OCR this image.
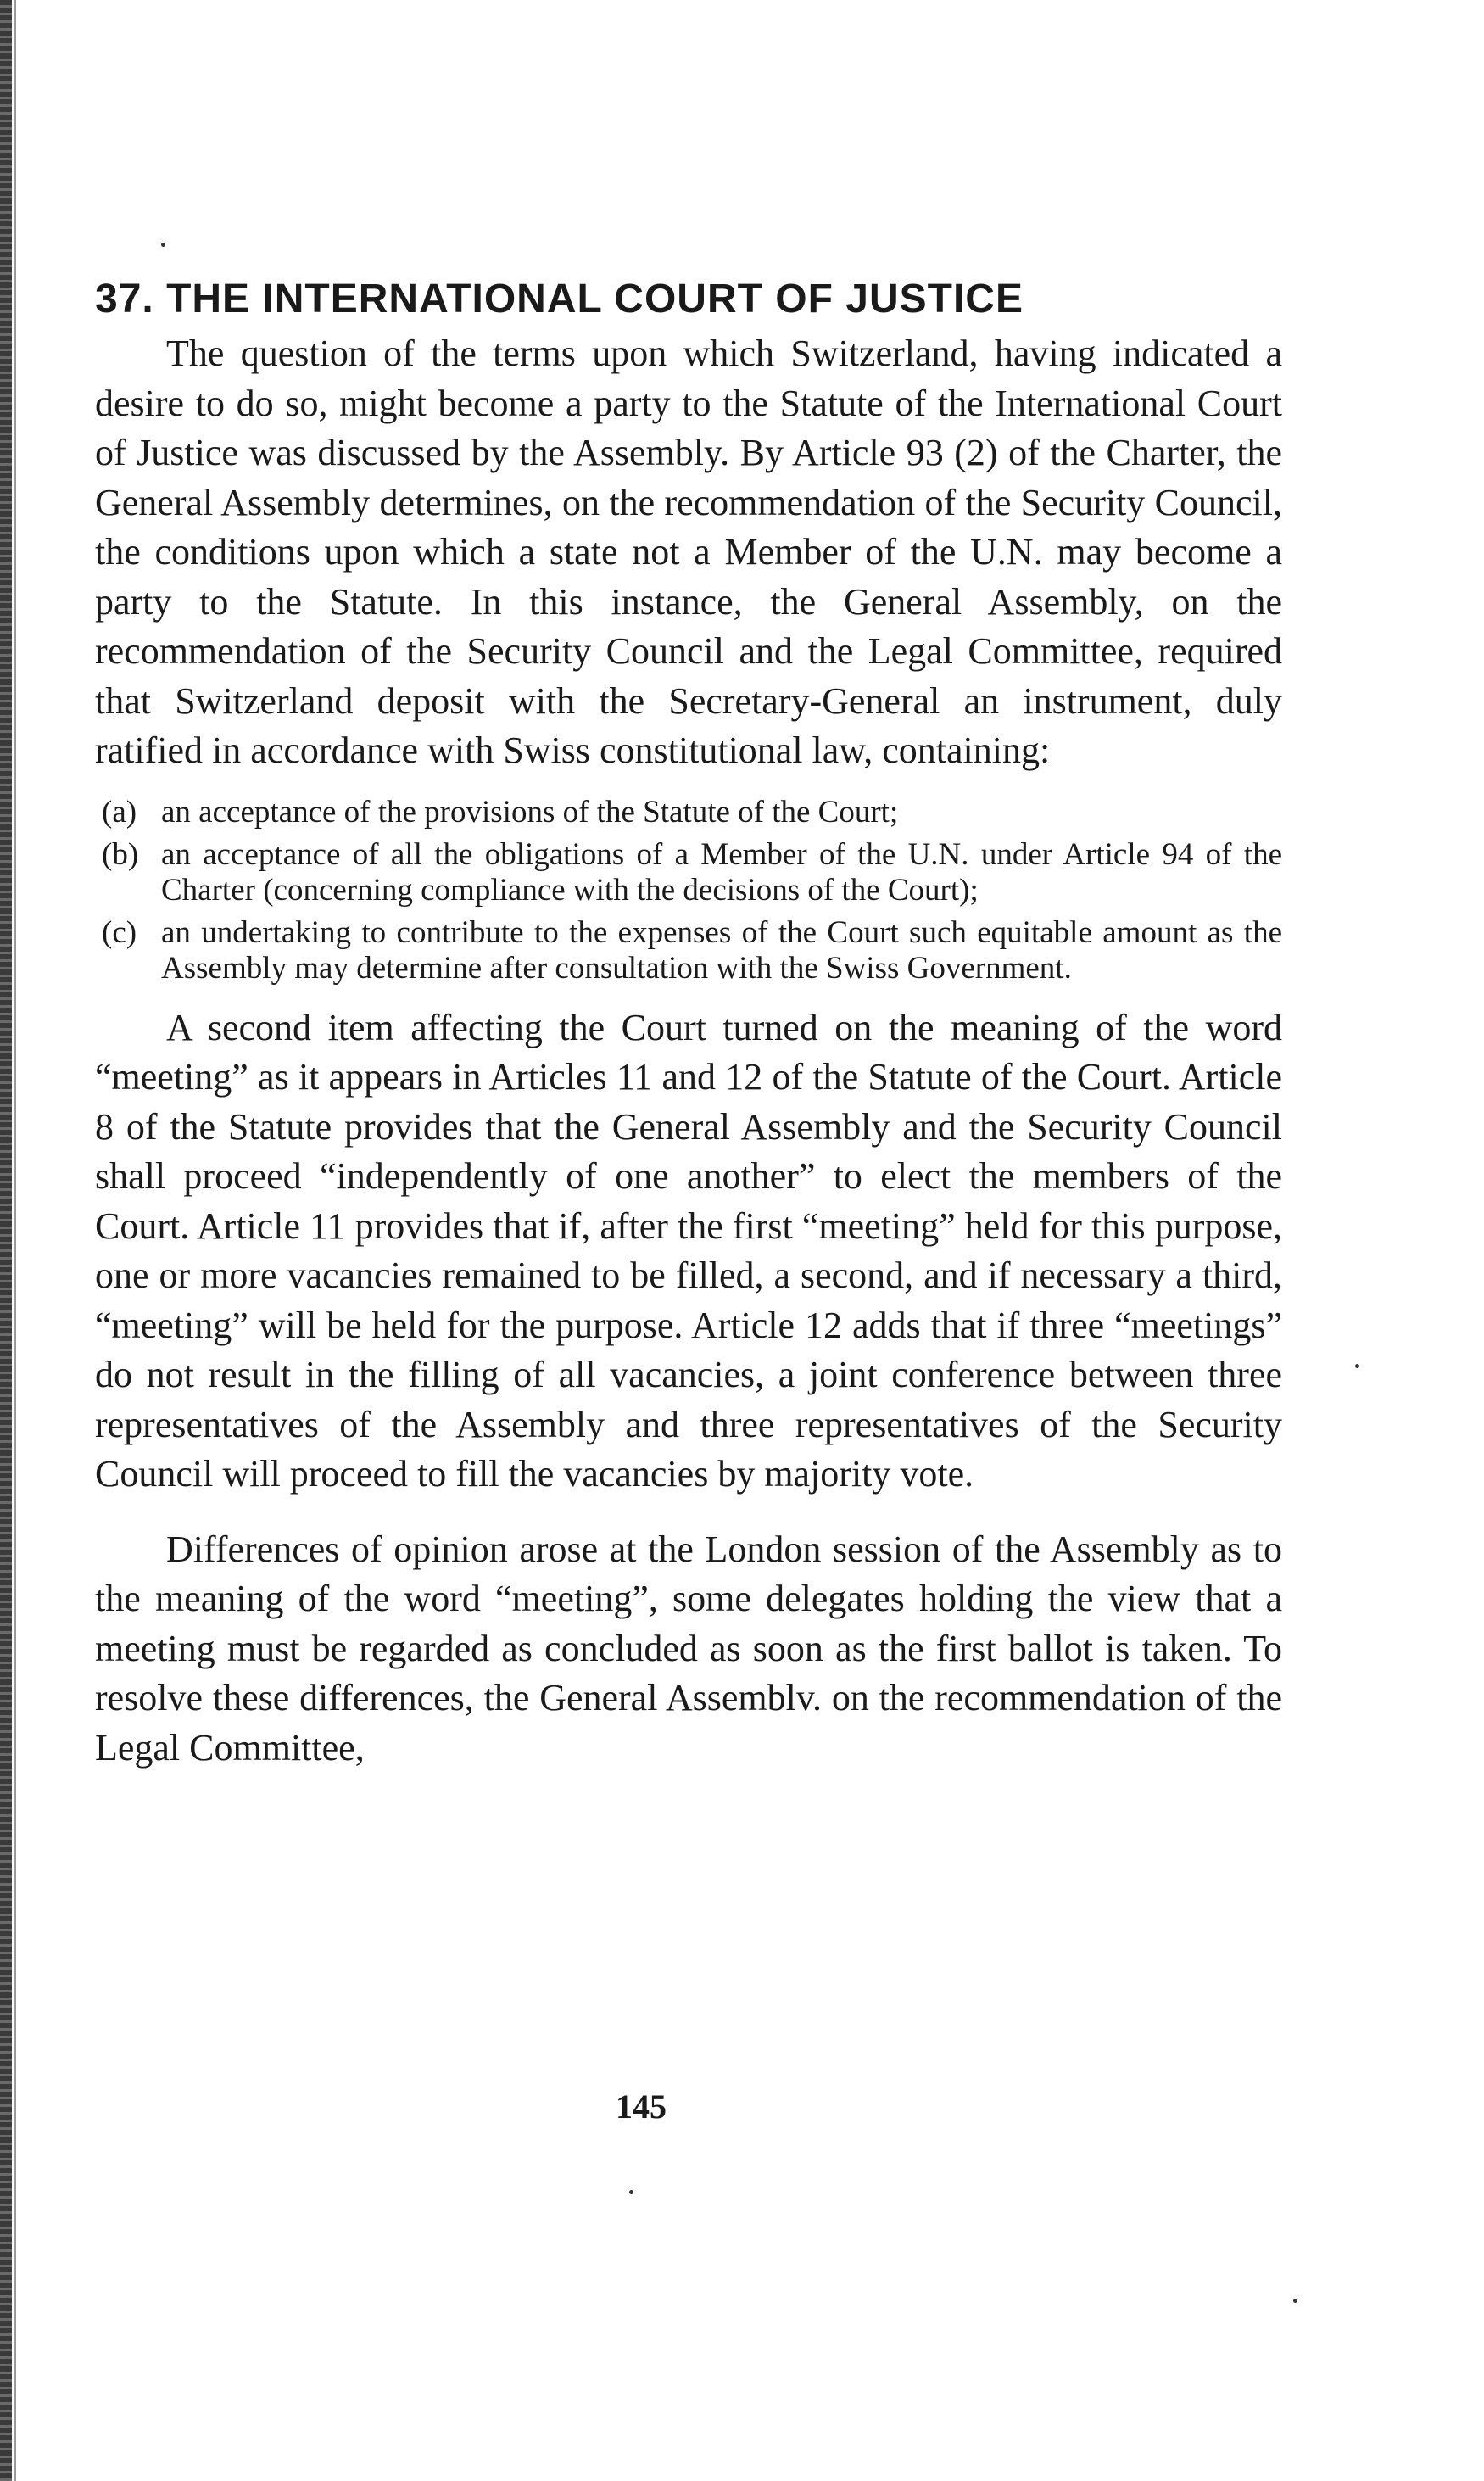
37. THE INTERNATIONAL COURT OF JUSTICE

The question of the terms upon which Switzerland, having indicated a desire to do so, might become a party to the Statute of the International Court of Justice was discussed by the Assembly. By Article 93 (2) of the Charter, the General Assembly determines, on the recommendation of the Security Council, the conditions upon which a state not a Member of the U.N. may become a party to the Statute. In this instance, the General Assembly, on the recommendation of the Security Council and the Legal Committee, required that Switzerland deposit with the Secretary-General an instrument, duly ratified in accordance with Swiss constitutional law, containing:

(a) an acceptance of the provisions of the Statute of the Court;
(b) an acceptance of all the obligations of a Member of the U.N. under Article 94 of the Charter (concerning compliance with the decisions of the Court);
(c) an undertaking to contribute to the expenses of the Court such equitable amount as the Assembly may determine after consultation with the Swiss Government.

A second item affecting the Court turned on the meaning of the word “meeting” as it appears in Articles 11 and 12 of the Statute of the Court. Article 8 of the Statute provides that the General Assembly and the Security Council shall proceed “independently of one another” to elect the members of the Court. Article 11 provides that if, after the first “meeting” held for this purpose, one or more vacancies remained to be filled, a second, and if necessary a third, “meeting” will be held for the purpose. Article 12 adds that if three “meetings” do not result in the filling of all vacancies, a joint conference between three representatives of the Assembly and three representatives of the Security Council will proceed to fill the vacancies by majority vote.

Differences of opinion arose at the London session of the Assembly as to the meaning of the word “meeting”, some delegates holding the view that a meeting must be regarded as concluded as soon as the first ballot is taken. To resolve these differences, the General Assemblv. on the recommendation of the Legal Committee,

145
